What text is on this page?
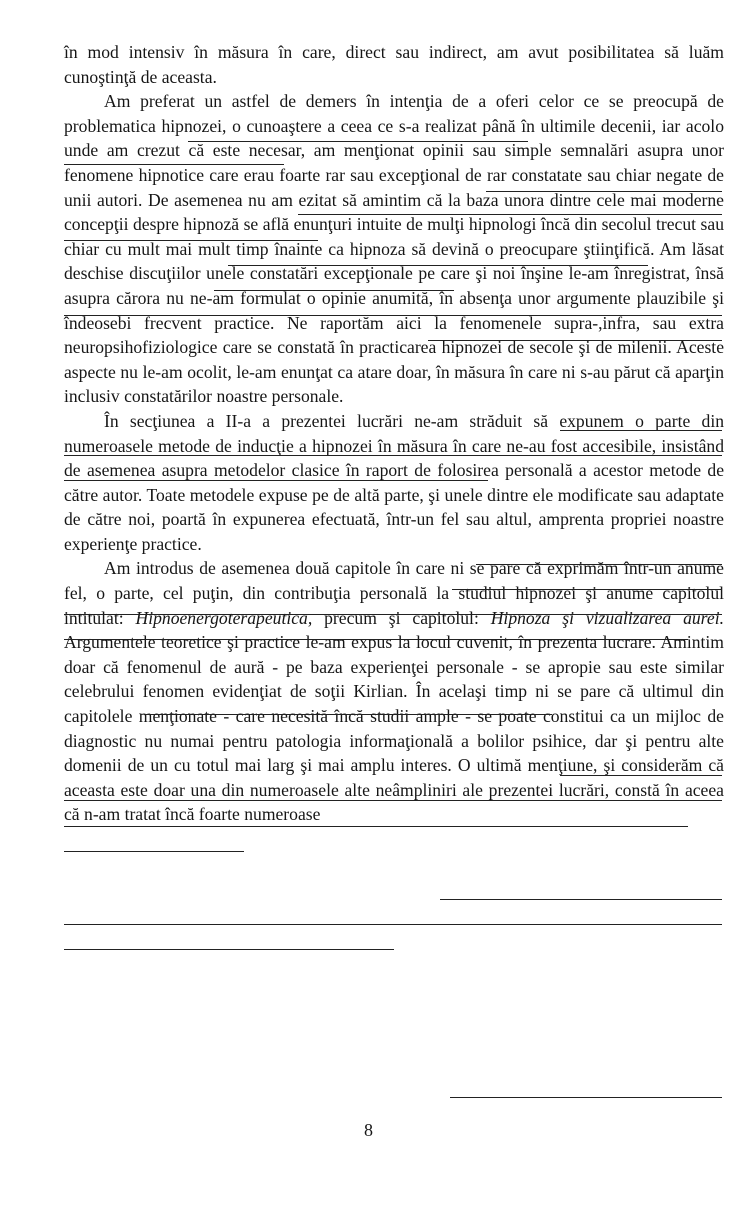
în mod intensiv în măsura în care, direct sau indirect, am avut posibilitatea să luăm cunoştinţă de aceasta.

Am preferat un astfel de demers în intenţia de a oferi celor ce se preocupă de problematica hipnozei, o cunoaştere a ceea ce s-a realizat până în ultimile decenii, iar acolo unde am crezut că este necesar, am menţionat opinii sau simple semnalări asupra unor fenomene hipnotice care erau foarte rar sau excepţional de rar constatate sau chiar negate de unii autori. De asemenea nu am ezitat să amintim că la baza unora dintre cele mai moderne concepţii despre hipnoză se află enunţuri intuite de mulţi hipnologi încă din secolul trecut sau chiar cu mult mai mult timp înainte ca hipnoza să devină o preocupare ştiinţifică. Am lăsat deschise discuţiilor unele constatări excepţionale pe care şi noi înşine le-am înregistrat, însă asupra cărora nu ne-am formulat o opinie anumită, în absenţa unor argumente plauzibile şi îndeosebi frecvent practice. Ne raportăm aici la fenomenele supra-,infra, sau extra neuropsihofiziologice care se constată în practicarea hipnozei de secole şi de milenii. Aceste aspecte nu le-am ocolit, le-am enunţat ca atare doar, în măsura în care ni s-au părut că aparţin inclusiv constatărilor noastre personale.

În secţiunea a II-a a prezentei lucrări ne-am străduit să expunem o parte din numeroasele metode de inducţie a hipnozei în măsura în care ne-au fost accesibile, insistând de asemenea asupra metodelor clasice în raport de folosirea personală a acestor metode de către autor. Toate metodele expuse pe de altă parte, şi unele dintre ele modificate sau adaptate de către noi, poartă în expunerea efectuată, într-un fel sau altul, amprenta propriei noastre experienţe practice.

Am introdus de asemenea două capitole în care ni se pare că exprimăm într-un anume fel, o parte, cel puţin, din contribuţia personală la studiul hipnozei şi anume capitolul intitulat: Hipnoenergoterapeutica, precum şi capitolul: Hipnoza şi vizualizarea aurei. Argumentele teoretice şi practice le-am expus la locul cuvenit, în prezenta lucrare. Amintim doar că fenomenul de aură - pe baza experienţei personale - se apropie sau este similar celebrului fenomen evidenţiat de soţii Kirlian. În acelaşi timp ni se pare că ultimul din capitolele menţionate - care necesită încă studii ample - se poate constitui ca un mijloc de diagnostic nu numai pentru patologia informaţională a bolilor psihice, dar şi pentru alte domenii de un cu totul mai larg şi mai amplu interes. O ultimă menţiune, şi considerăm că aceasta este doar una din numeroasele alte neâmpliniri ale prezentei lucrări, constă în aceea că n-am tratat încă foarte numeroase

8
